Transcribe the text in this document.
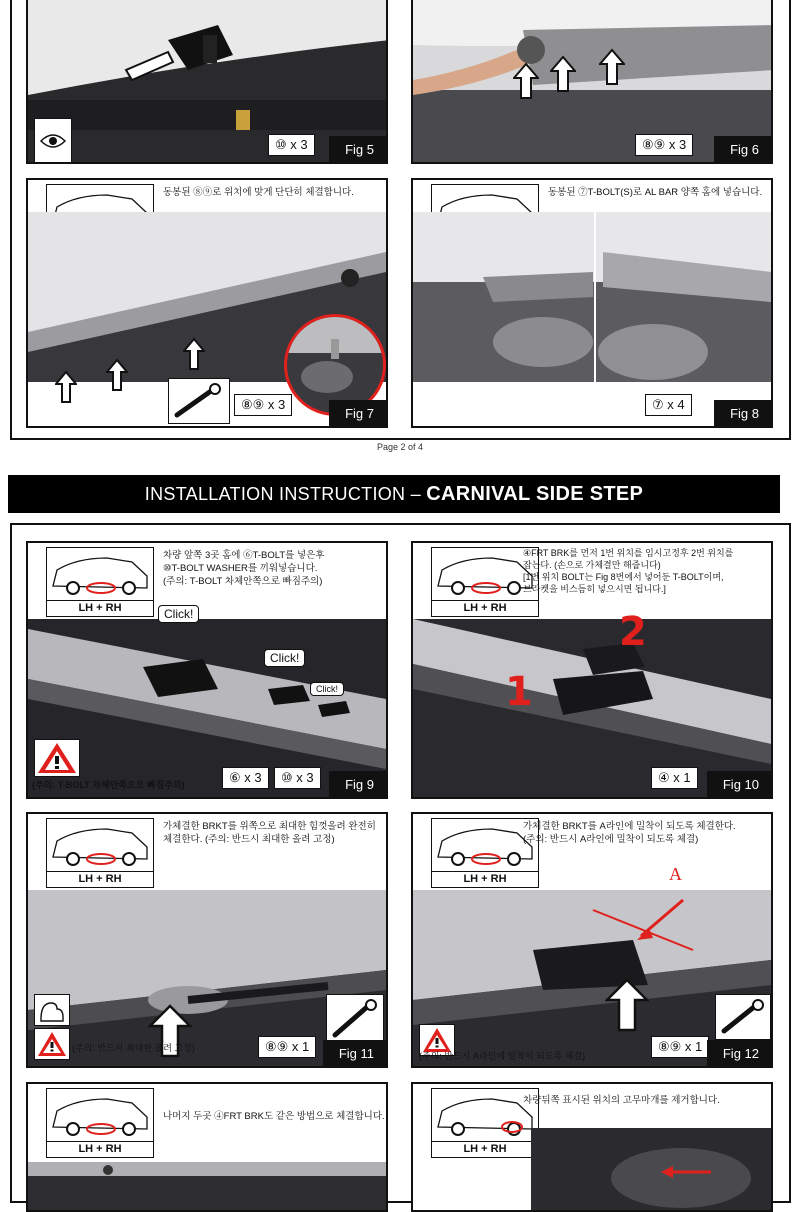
⑩ x 3	Fig 5	⑧⑨ x 3	Fig 6
동봉된 ⑧⑨로 위치에 맞게 단단히 체결합니다.
⑧⑨ x 3
Fig 7
동봉된 ⑦T-BOLT(S)로 AL BAR 양쪽 홈에 넣습니다.
⑦ x 4
Fig 8
Page 2 of 4
INSTALLATION INSTRUCTION – CARNIVAL SIDE STEP
LH + RH
차량 앞쪽 3곳 홈에 ⑥T-BOLT를 넣은후
⑩T-BOLT WASHER를 끼워넣습니다.
(주의: T-BOLT 차체안쪽으로 빠짐주의)
Click!
Click!
Click!
(주의: T-BOLT 차체안쪽으로 빠짐주의)	⑥ x 3	⑩ x 3	Fig 9
LH + RH
④FRT BRK를 먼저 1번 위치를 임시고정후 2번 위치를
잡는다. (손으로 가체결만 해줍니다)
[1번 위치 BOLT는 Fig 8번에서 넣어둔 T-BOLT이며,
브라켓을 비스듬히 넣으시면 됩니다.]
1
2
④ x 1	Fig 10
LH + RH
가체결한 BRKT를 위쪽으로 최대한 힘껏올려 완전히
체결한다. (주의: 반드시 최대한 올려 고정)
(주의: 반드시 최대한 올려 고정)	⑧⑨ x 1	Fig 11
LH + RH
가체결한 BRKT를 A라인에 밀착이 되도록 체결한다.
(주의: 반드시 A라인에 밀착이 되도록 체결)
A
(주의: 반드시 A라인에 밀착이 되도록 체결)
⑧⑨ x 1	Fig 12
LH + RH
나머지 두곳 ④FRT BRK도 같은 방법으로 체결합니다.
LH + RH
차량뒤쪽 표시된 위치의 고무마개를 제거합니다.
